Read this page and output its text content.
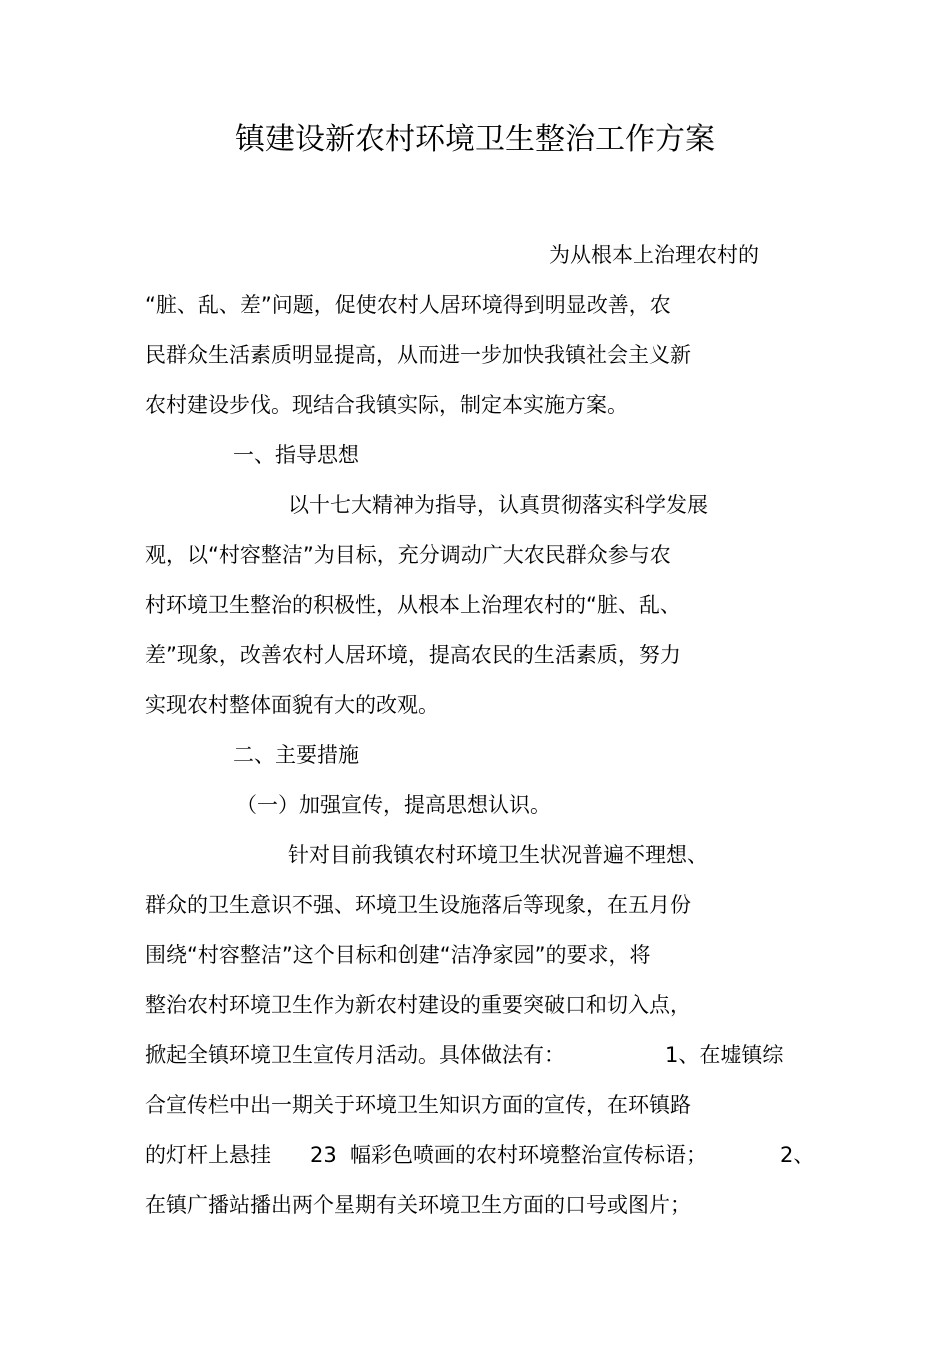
镇建设新农村环境卫生整治工作方案
为从根本上治理农村的
“脏、乱、差”问题，促使农村人居环境得到明显改善，农
民群众生活素质明显提高，从而进一步加快我镇社会主义新
农村建设步伐。现结合我镇实际，制定本实施方案。
一、指导思想
以十七大精神为指导，认真贯彻落实科学发展
观，以“村容整洁”为目标，充分调动广大农民群众参与农
村环境卫生整治的积极性，从根本上治理农村的“脏、乱、
差”现象，改善农村人居环境，提高农民的生活素质，努力
实现农村整体面貌有大的改观。
二、主要措施
（一）加强宣传，提高思想认识。
针对目前我镇农村环境卫生状况普遍不理想、
群众的卫生意识不强、环境卫生设施落后等现象，在五月份
围绕“村容整洁”这个目标和创建“洁净家园”的要求，将
整治农村环境卫生作为新农村建设的重要突破口和切入点，
掀起全镇环境卫生宣传月活动。具体做法有：	1、在墟镇综
合宣传栏中出一期关于环境卫生知识方面的宣传，在环镇路
的灯杆上悬挂 23 幅彩色喷画的农村环境整治宣传标语；	2、
在镇广播站播出两个星期有关环境卫生方面的口号或图片；
